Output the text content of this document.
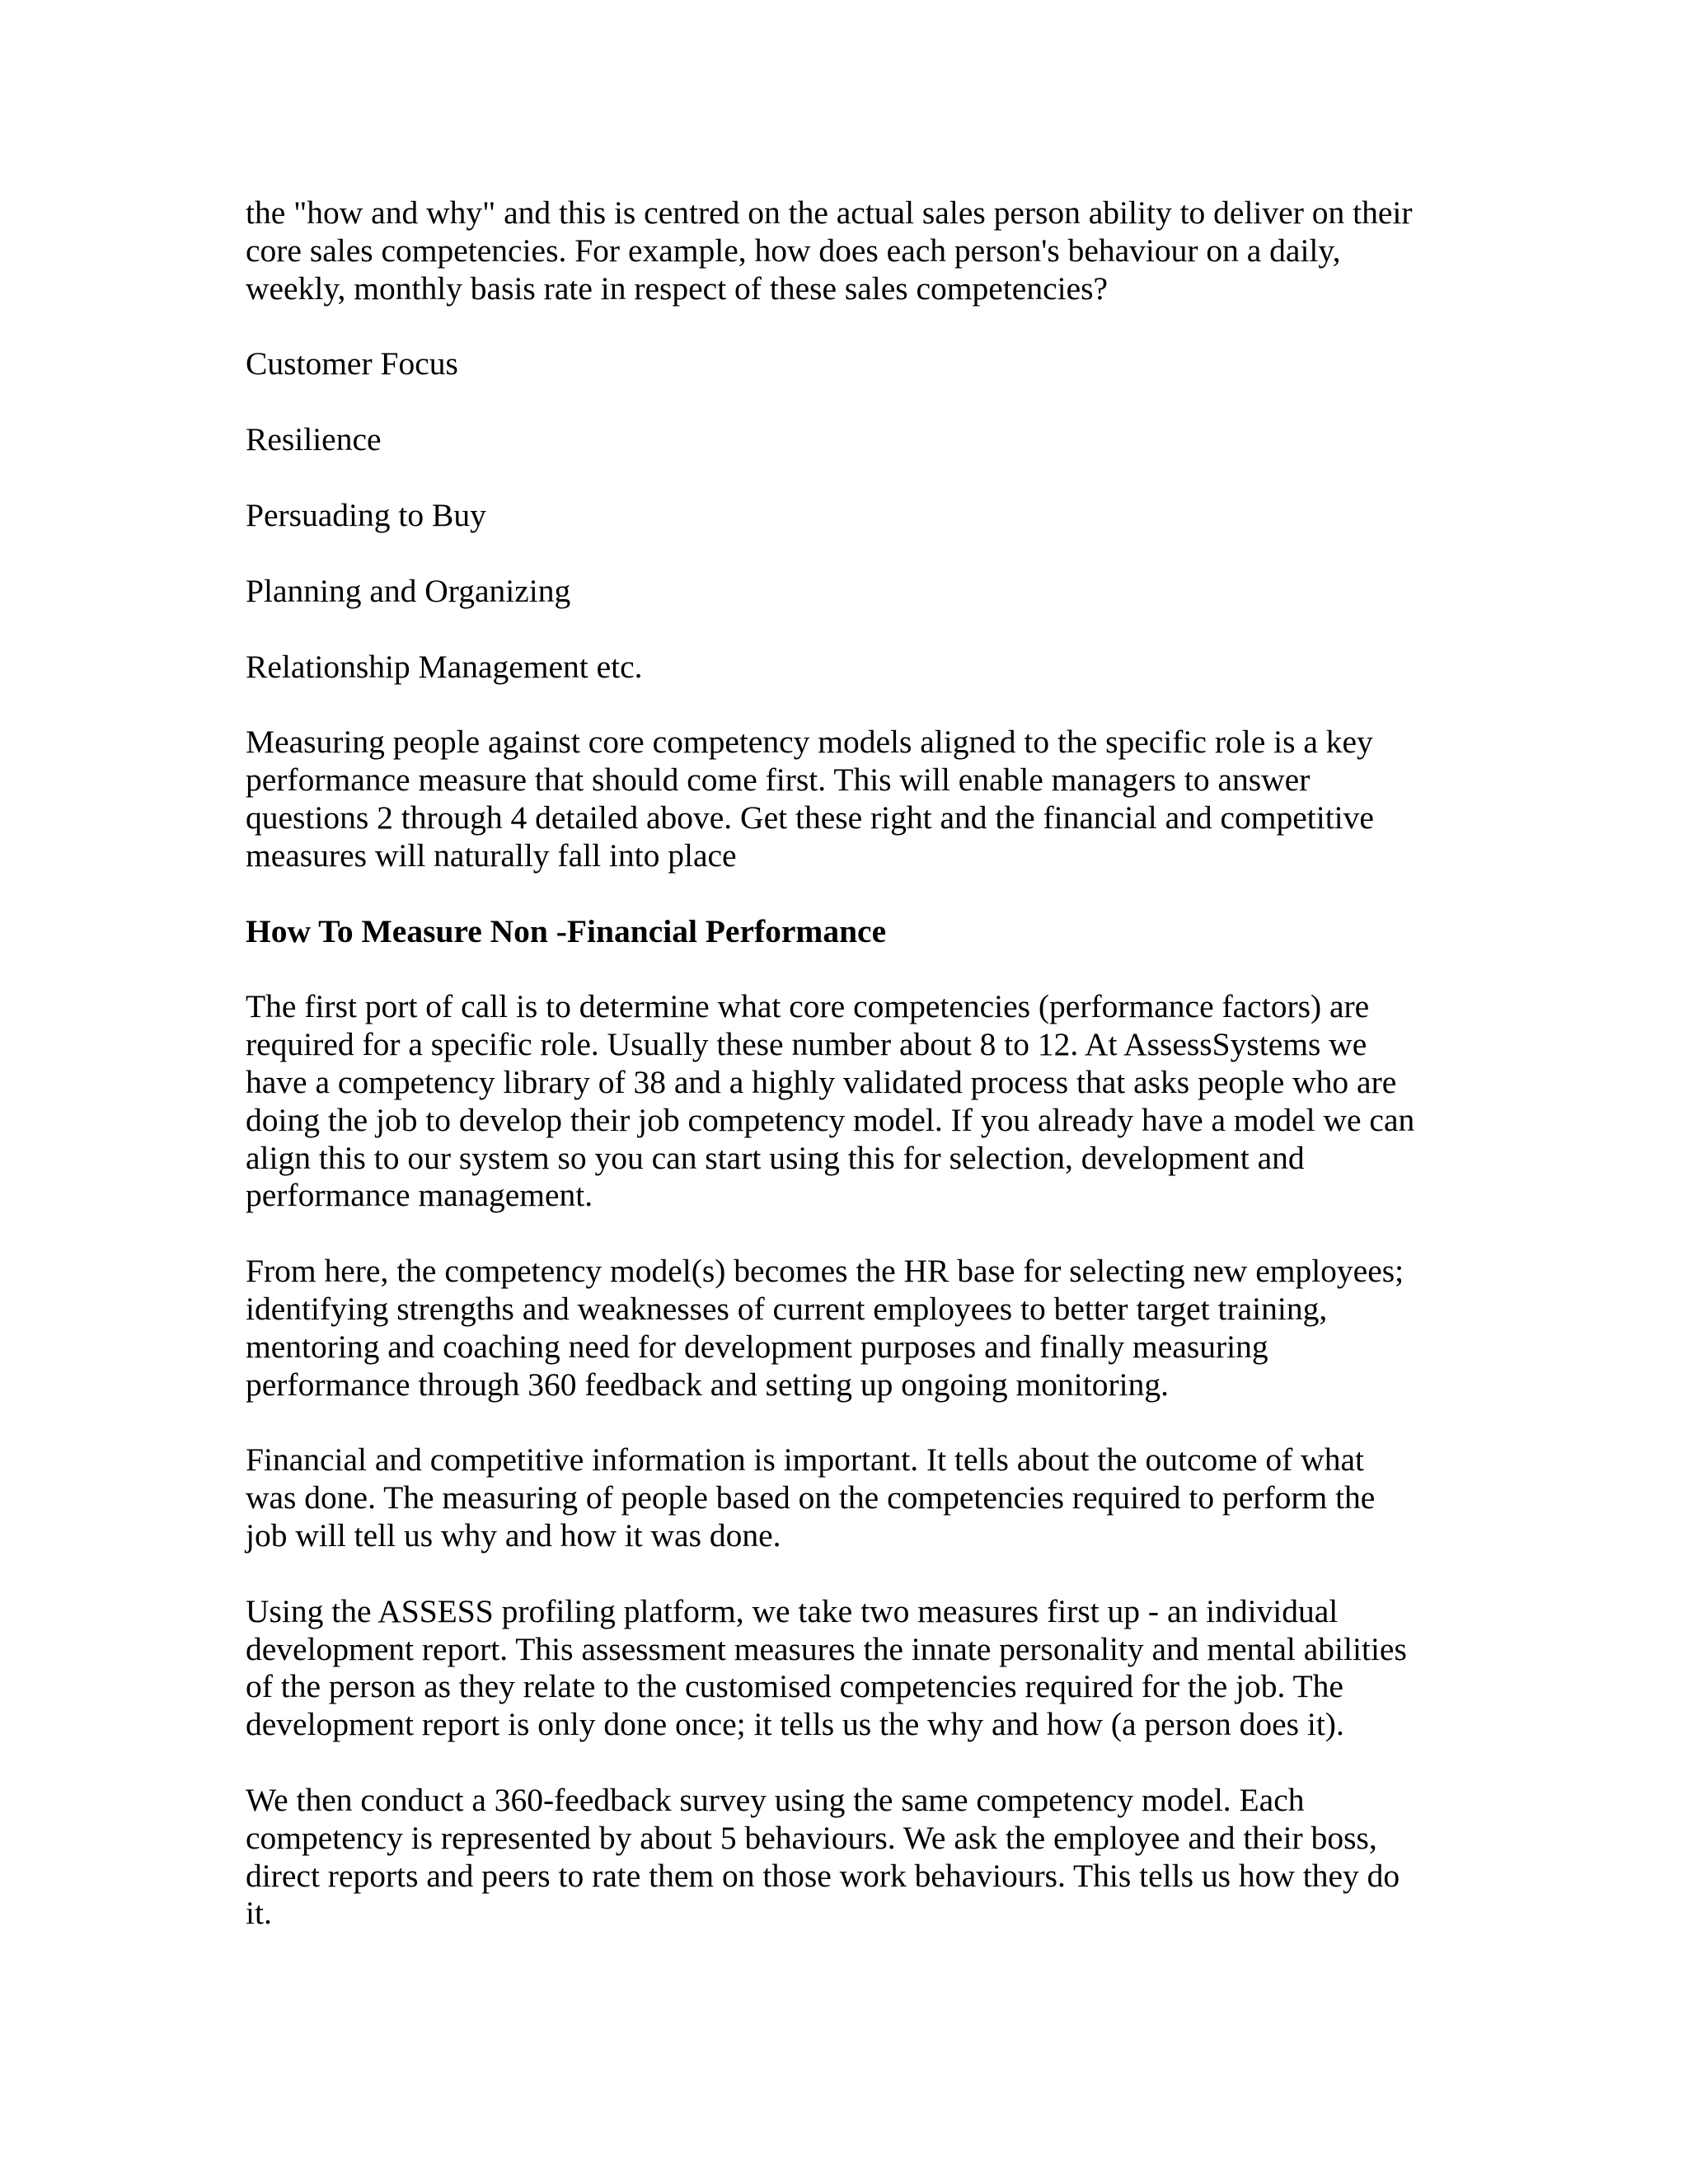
the "how and why" and this is centred on the actual sales person ability to deliver on their
core sales competencies. For example, how does each person's behaviour on a daily,
weekly, monthly basis rate in respect of these sales competencies?

Customer Focus

Resilience

Persuading to Buy

Planning and Organizing

Relationship Management etc.

Measuring people against core competency models aligned to the specific role is a key
performance measure that should come first. This will enable managers to answer
questions 2 through 4 detailed above. Get these right and the financial and competitive
measures will naturally fall into place

How To Measure Non -Financial Performance

The first port of call is to determine what core competencies (performance factors) are
required for a specific role. Usually these number about 8 to 12. At AssessSystems we
have a competency library of 38 and a highly validated process that asks people who are
doing the job to develop their job competency model. If you already have a model we can
align this to our system so you can start using this for selection, development and
performance management.

From here, the competency model(s) becomes the HR base for selecting new employees;
identifying strengths and weaknesses of current employees to better target training,
mentoring and coaching need for development purposes and finally measuring
performance through 360 feedback and setting up ongoing monitoring.

Financial and competitive information is important. It tells about the outcome of what
was done. The measuring of people based on the competencies required to perform the
job will tell us why and how it was done.

Using the ASSESS profiling platform, we take two measures first up - an individual
development report. This assessment measures the innate personality and mental abilities
of the person as they relate to the customised competencies required for the job. The
development report is only done once; it tells us the why and how (a person does it).

We then conduct a 360-feedback survey using the same competency model. Each
competency is represented by about 5 behaviours. We ask the employee and their boss,
direct reports and peers to rate them on those work behaviours. This tells us how they do
it.
